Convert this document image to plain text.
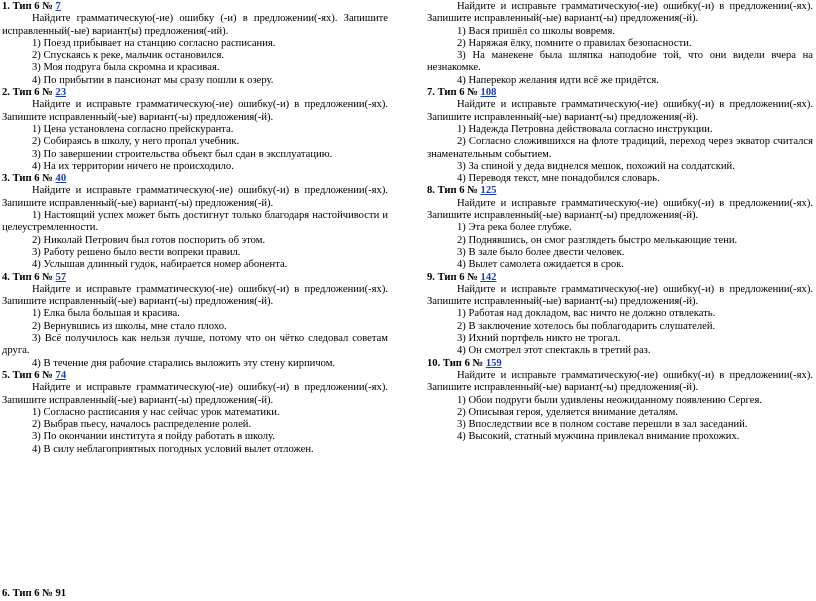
1. Тип 6 № 7

Найдите грамматическую(-ие) ошибку (-и) в предложении(-ях). Запишите исправленный(-ые) вариант(ы) предложения(-ий).

1) Поезд прибывает на станцию согласно расписания.

2) Спускаясь к реке, мальчик остановился.

3) Моя подруга была скромна и красивая.

4) По прибытии в пансионат мы сразу пошли к озеру.

2. Тип 6 № 23

Найдите и исправьте грамматическую(-ие) ошибку(-и) в предложении(-ях). Запишите исправленный(-ые) вариант(-ы) предложения(-й).

1) Цена установлена согласно прейскуранта.

2) Собираясь в школу, у него пропал учебник.

3) По завершении строительства объект был сдан в эксплуатацию.

4) На их территории ничего не происходило.

3. Тип 6 № 40

Найдите и исправьте грамматическую(-ие) ошибку(-и) в предложении(-ях). Запишите исправленный(-ые) вариант(-ы) предложения(-й).

1) Настоящий успех может быть достигнут только благодаря настойчивости и целеустремленности.

2) Николай Петрович был готов поспорить об этом.

3) Работу решено было вести вопреки правил.

4) Услышав длинный гудок, набирается номер абонента.

4. Тип 6 № 57

Найдите и исправьте грамматическую(-ие) ошибку(-и) в предложении(-ях). Запишите исправленный(-ые) вариант(-ы) предложения(-й).

1) Елка была большая и красива.

2) Вернувшись из школы, мне стало плохо.

3) Всё получилось как нельзя лучше, потому что он чётко следовал советам друга.

4) В течение дня рабочие старались выложить эту стену кирпичом.

5. Тип 6 № 74

Найдите и исправьте грамматическую(-ие) ошибку(-и) в предложении(-ях). Запишите исправленный(-ые) вариант(-ы) предложения(-й).

1) Согласно расписания у нас сейчас урок математики.

2) Выбрав пьесу, началось распределение ролей.

3) По окончании института я пойду работать в школу.

4) В силу неблагоприятных погодных условий вылет отложен.

Найдите и исправьте грамматическую(-ие) ошибку(-и) в предложении(-ях). Запишите исправленный(-ые) вариант(-ы) предложения(-й).

1) Вася пришёл со школы вовремя.

2) Наряжая ёлку, помните о правилах безопасности.

3) На манекене была шляпка наподобие той, что они видели вчера на незнакомке.

4) Наперекор желания идти всё же придётся.

7. Тип 6 № 108

Найдите и исправьте грамматическую(-ие) ошибку(-и) в предложении(-ях). Запишите исправленный(-ые) вариант(-ы) предложения(-й).

1) Надежда Петровна действовала согласно инструкции.

2) Согласно сложившихся на флоте традиций, переход через экватор считался знаменательным событием.

3) За спиной у деда виднелся мешок, похожий на солдатский.

4) Переводя текст, мне понадобился словарь.

8. Тип 6 № 125

Найдите и исправьте грамматическую(-ие) ошибку(-и) в предложении(-ях). Запишите исправленный(-ые) вариант(-ы) предложения(-й).

1) Эта река более глубже.

2) Поднявшись, он смог разглядеть быстро мелькающие тени.

3) В зале было более двести человек.

4) Вылет самолета ожидается в срок.

9. Тип 6 № 142

Найдите и исправьте грамматическую(-ие) ошибку(-и) в предложении(-ях). Запишите исправленный(-ые) вариант(-ы) предложения(-й).

1) Работая над докладом, вас ничто не должно отвлекать.

2) В заключение хотелось бы поблагодарить слушателей.

3) Ихний портфель никто не трогал.

4) Он смотрел этот спектакль в третий раз.

10. Тип 6 № 159

Найдите и исправьте грамматическую(-ие) ошибку(-и) в предложении(-ях). Запишите исправленный(-ые) вариант(-ы) предложения(-й).

1) Обои подруги были удивлены неожиданному появлению Сергея.

2) Описывая героя, уделяется внимание деталям.

3) Впоследствии все в полном составе перешли в зал заседаний.

4) Высокий, статный мужчина привлекал внимание прохожих.

6. Тип 6 № 91
